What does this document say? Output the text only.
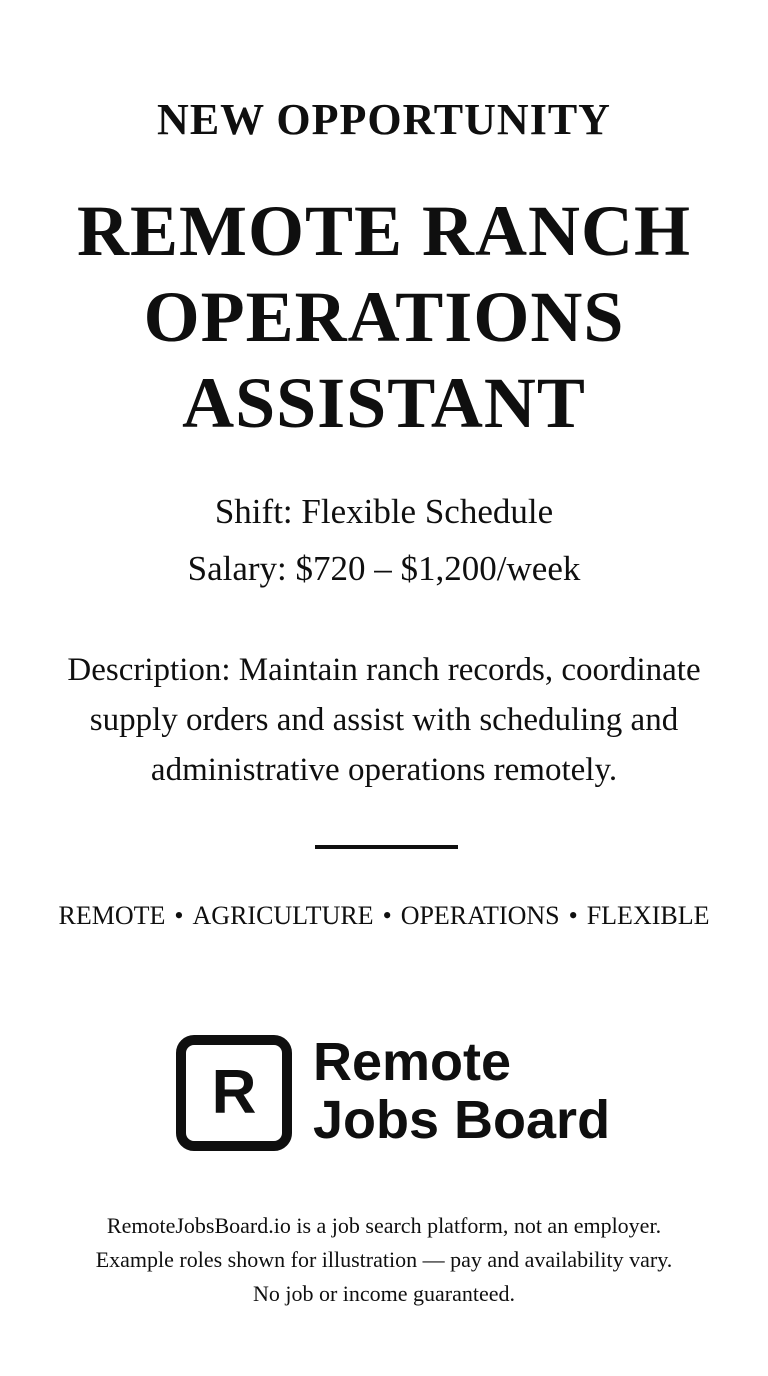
NEW OPPORTUNITY
REMOTE RANCH
OPERATIONS
ASSISTANT
Shift: Flexible Schedule
Salary: $720 – $1,200/week
Description: Maintain ranch records, coordinate supply orders and assist with scheduling and administrative operations remotely.
REMOTE • AGRICULTURE • OPERATIONS • FLEXIBLE
R	Remote
Jobs Board
RemoteJobsBoard.io is a job search platform, not an employer.
Example roles shown for illustration — pay and availability vary.
No job or income guaranteed.
